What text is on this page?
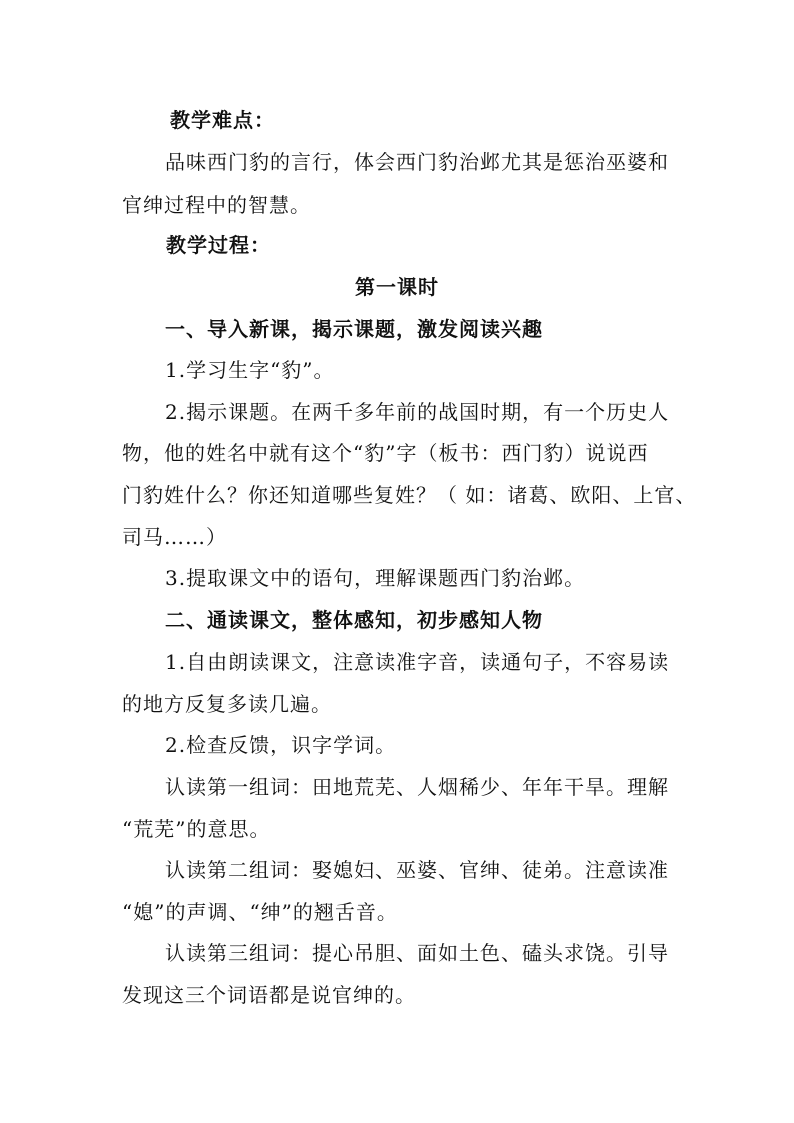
教学难点：
品味西门豹的言行，体会西门豹治邺尤其是惩治巫婆和
官绅过程中的智慧。
教学过程：
第一课时
一、导入新课，揭示课题，激发阅读兴趣
1.学习生字“豹”。
2.揭示课题。在两千多年前的战国时期，有一个历史人
物，他的姓名中就有这个“豹”字（板书：西门豹）说说西
门豹姓什么？你还知道哪些复姓？（ 如：诸葛、欧阳、上官、
司马……）
3.提取课文中的语句，理解课题西门豹治邺。
二、通读课文，整体感知，初步感知人物
1.自由朗读课文，注意读准字音，读通句子，不容易读
的地方反复多读几遍。
2.检查反馈，识字学词。
认读第一组词：田地荒芜、人烟稀少、年年干旱。理解
“荒芜”的意思。
认读第二组词：娶媳妇、巫婆、官绅、徒弟。注意读准
“媳”的声调、“绅”的翘舌音。
认读第三组词：提心吊胆、面如土色、磕头求饶。引导
发现这三个词语都是说官绅的。
